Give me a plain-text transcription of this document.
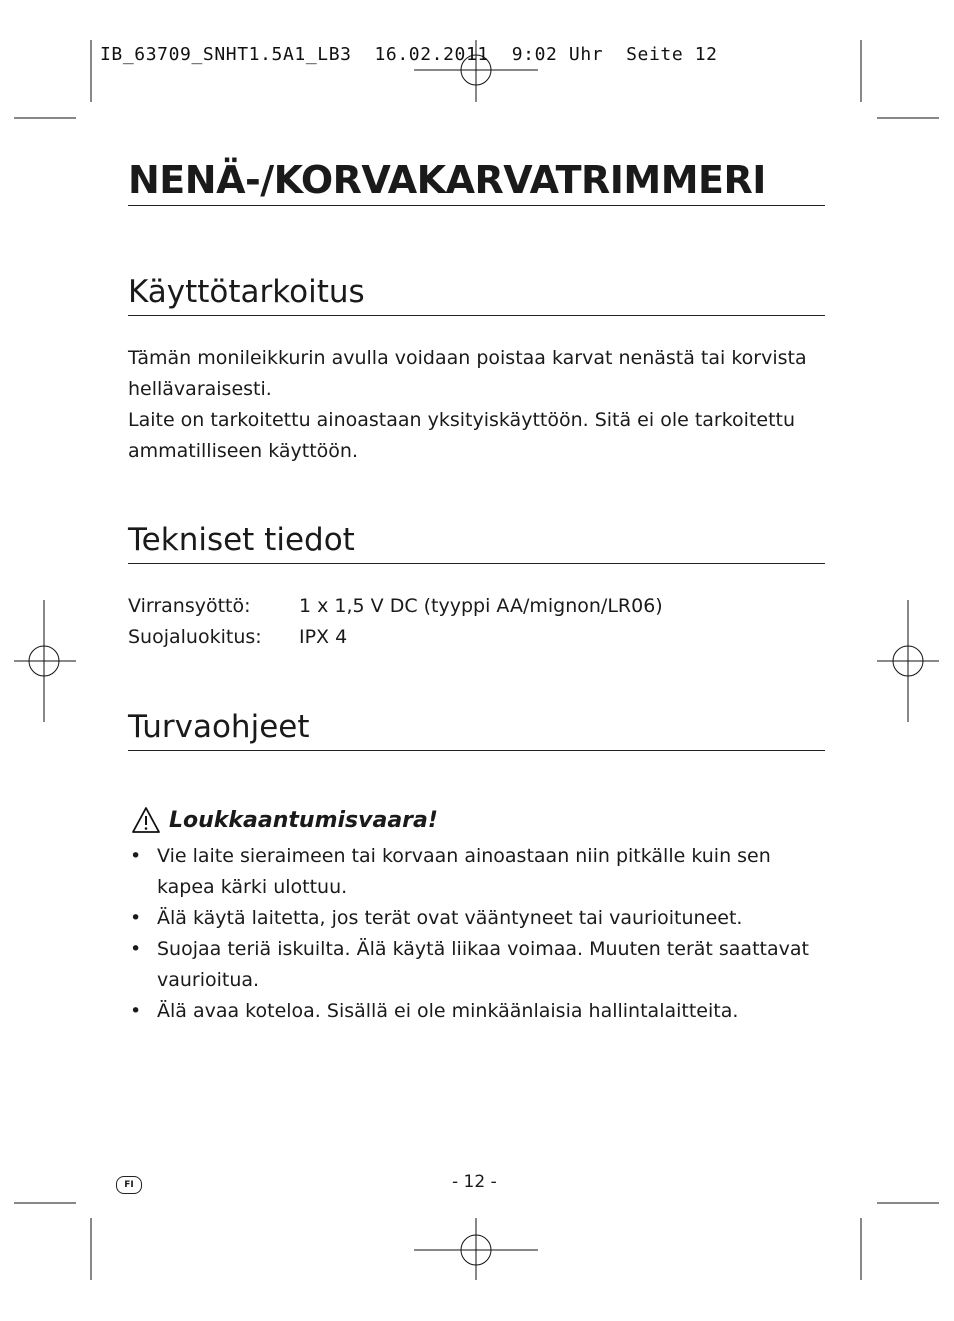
IB_63709_SNHT1.5A1_LB3  16.02.2011  9:02 Uhr  Seite 12
NENÄ-/KORVAKARVATRIMMERI
Käyttötarkoitus

Tämän monileikkurin avulla voidaan poistaa karvat nenästä tai korvista hellävaraisesti.

Laite on tarkoitettu ainoastaan yksityiskäyttöön. Sitä ei ole tarkoitettu ammatilliseen käyttöön.

Tekniset tiedot
Virransyöttö:	1 x 1,5 V DC (tyyppi AA/mignon/LR06)
Suojaluokitus:	IPX 4
Turvaohjeet
Loukkaantumisvaara!
• Vie laite sieraimeen tai korvaan ainoastaan niin pitkälle kuin sen kapea kärki ulottuu.
• Älä käytä laitetta, jos terät ovat vääntyneet tai vaurioituneet.
• Suojaa teriä iskuilta. Älä käytä liikaa voimaa. Muuten terät saattavat vaurioitua.
• Älä avaa koteloa. Sisällä ei ole minkäänlaisia hallintalaitteita.
FI	- 12 -
